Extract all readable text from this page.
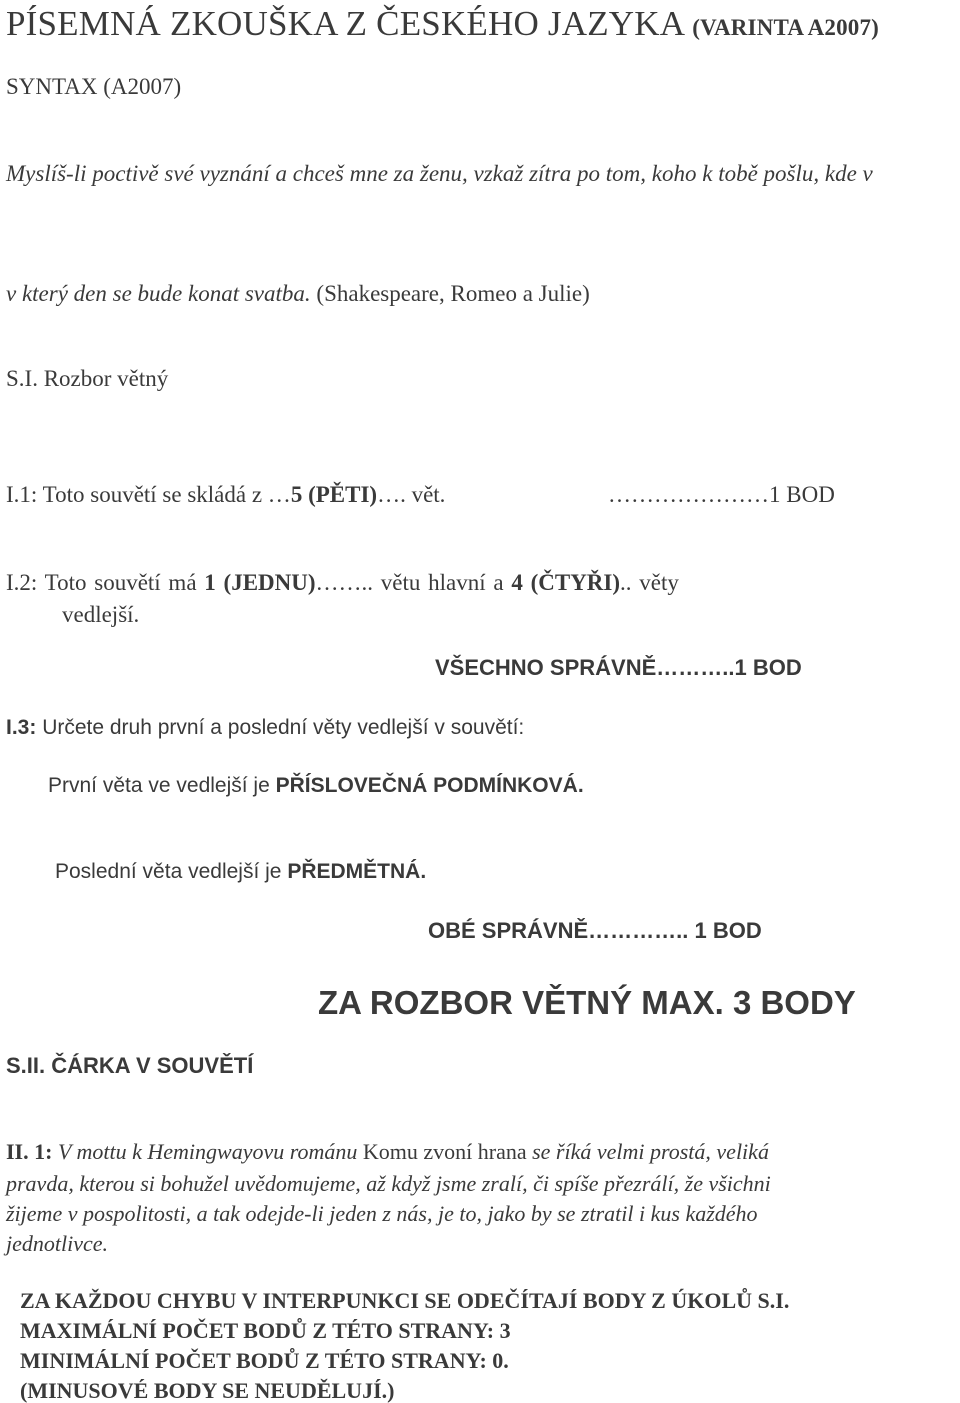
PÍSEMNÁ ZKOUŠKA Z ČESKÉHO JAZYKA (VARINTA A2007)
SYNTAX (A2007)
Myslíš-li poctivě své vyznání a chceš mne za ženu, vzkaž zítra po tom, koho k tobě pošlu, kde v
v který den se bude konat svatba. (Shakespeare, Romeo a Julie)
S.I. Rozbor větný
I.1: Toto souvětí se skládá z …5 (PĚTI)…. vět.	…………………1 BOD
I.2: Toto souvětí má 1 (JEDNU)…….. větu hlavní a 4 (ČTYŘI).. věty
vedlejší.
VŠECHNO SPRÁVNĚ………..1 BOD
I.3: Určete druh první a poslední věty vedlejší v souvětí:
První věta ve vedlejší je PŘÍSLOVEČNÁ PODMÍNKOVÁ.
Poslední věta vedlejší je PŘEDMĚTNÁ.
OBÉ SPRÁVNĚ………….. 1 BOD
ZA ROZBOR VĚTNÝ MAX. 3 BODY
S.II. ČÁRKA V SOUVĚTÍ
II. 1: V mottu k Hemingwayovu románu Komu zvoní hrana se říká velmi prostá, veliká
pravda, kterou si bohužel uvědomujeme, až když jsme zralí, či spíše přezrálí, že všichni
žijeme v pospolitosti, a tak odejde-li jeden z nás, je to, jako by se ztratil i kus každého
jednotlivce.
ZA KAŽDOU CHYBU V INTERPUNKCI SE ODEČÍTAJÍ BODY Z ÚKOLŮ S.I.
MAXIMÁLNÍ POČET BODŮ Z TÉTO STRANY: 3
MINIMÁLNÍ POČET BODŮ Z TÉTO STRANY: 0.
(MINUSOVÉ BODY SE NEUDĚLUJÍ.)
